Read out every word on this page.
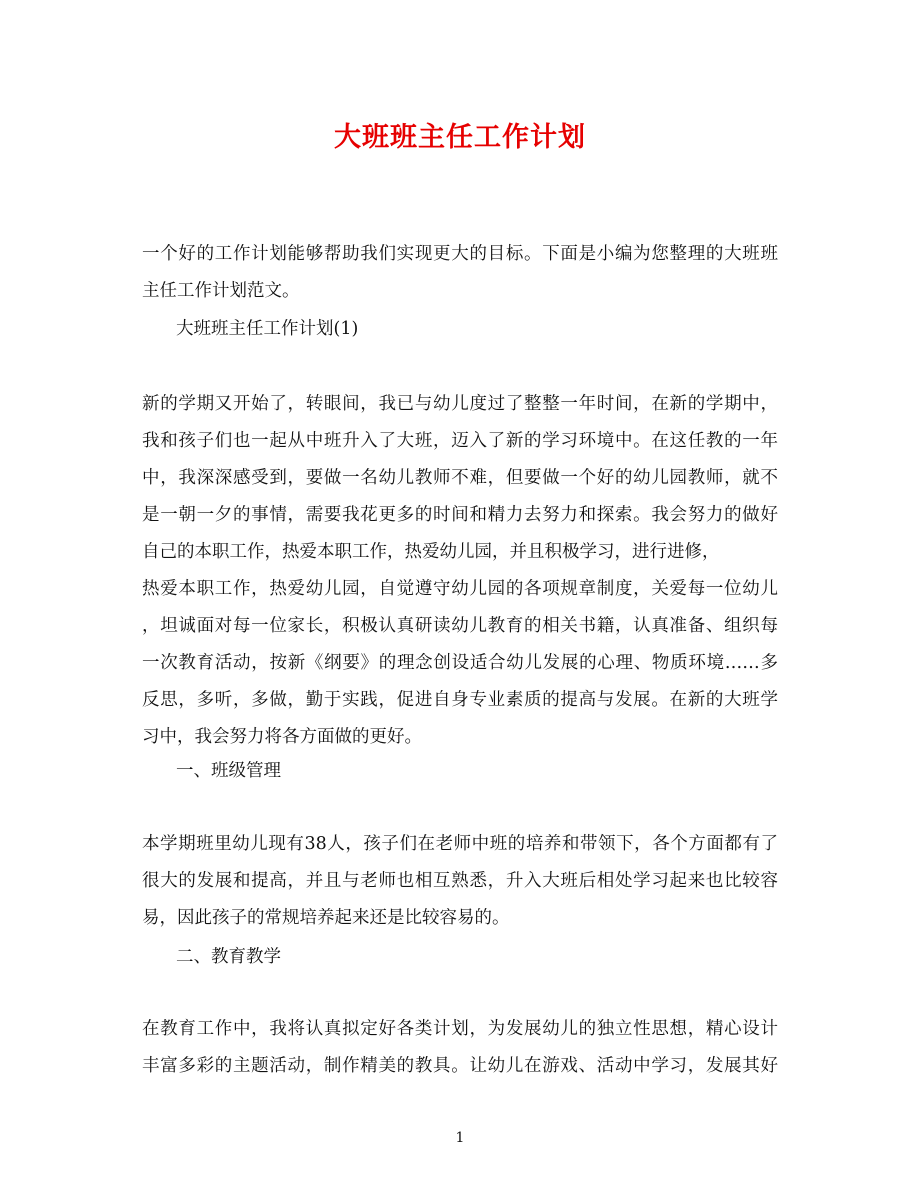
大班班主任工作计划
一个好的工作计划能够帮助我们实现更大的目标。下面是小编为您整理的大班班
主任工作计划范文。
大班班主任工作计划(1)
新的学期又开始了，转眼间，我已与幼儿度过了整整一年时间，在新的学期中，
我和孩子们也一起从中班升入了大班，迈入了新的学习环境中。在这任教的一年
中，我深深感受到，要做一名幼儿教师不难，但要做一个好的幼儿园教师，就不
是一朝一夕的事情，需要我花更多的时间和精力去努力和探索。我会努力的做好
自己的本职工作，热爱本职工作，热爱幼儿园，并且积极学习，进行进修，
热爱本职工作，热爱幼儿园，自觉遵守幼儿园的各项规章制度，关爱每一位幼儿
，坦诚面对每一位家长，积极认真研读幼儿教育的相关书籍，认真准备、组织每
一次教育活动，按新《纲要》的理念创设适合幼儿发展的心理、物质环境……多
反思，多听，多做，勤于实践，促进自身专业素质的提高与发展。在新的大班学
习中，我会努力将各方面做的更好。
一、班级管理
本学期班里幼儿现有38人，孩子们在老师中班的培养和带领下，各个方面都有了
很大的发展和提高，并且与老师也相互熟悉，升入大班后相处学习起来也比较容
易，因此孩子的常规培养起来还是比较容易的。
二、教育教学
在教育工作中，我将认真拟定好各类计划，为发展幼儿的独立性思想，精心设计
丰富多彩的主题活动，制作精美的教具。让幼儿在游戏、活动中学习，发展其好
1
